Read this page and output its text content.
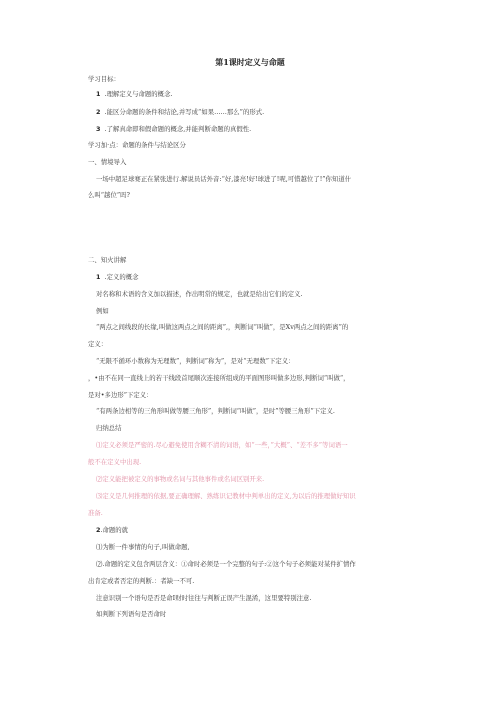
第1课时定义与命题
学习目标：
1 .理解定义与命题的概念.
2 .能区分命题的条件和结论,并写成“如果……那么”的形式.
3 .了解真命即和假命题的概念,并能判断命题的真假性.
学习加·点：命题的条件与结论区分
一、情境导入
一场中超足球赛正在紧张进行.解说员话外音:“好,漆亮!好!球进了!呢,可惜越位了!”你知道什
么叫“越位”吗?
二、知火讲解
1 .定义的概念
对名称和术语的含义加以描述，作出明常的规定，也就是给出它们的定义.
例如
“两点之间线段的长缘,叫做这两点之间的距离”,，判断词“叫做”，是Xv两点之间的距离”的
定义：
“无限不循环小数称为无理数”，判断词”称为”，是对“无理数”下定义：
，•由不在同一直线上的若干线段首尾顺次连接所组成的平面图形叫做多边形,判断词“叫做“，
是对•多边形”下定义：
“有两条边相等的三角形叫做等腰三角形”，判断词“叫做”，是时”等腰三角形”下定义.
归纳总结
⑴定义必须是严密的.尽心避免使用含糊不清的词语，如“一些，”大概”、“差不多”等词语一
般不在定义中出现.
⑵定义能把被定义的事物或名词与其他事件或名词区别开来.
⑶定义是几何推理的依据,要正确理解、熟练识记教材中判单出的定义,为以后的推理做好知识
准备.
2.命题的就
⑴为断一件事情的句子,叫做命题,
⑵.命题的定义包含两层含义：①命时必须是一个完整的句子:②这个句子必须能对某件扩情作
出肯定或者否定的判断.：者缺一不可.
注意识别一个语句是否是命I财时往往与判断正误产生混淆，这里要特别注意.
如判断下列语句是否命时
